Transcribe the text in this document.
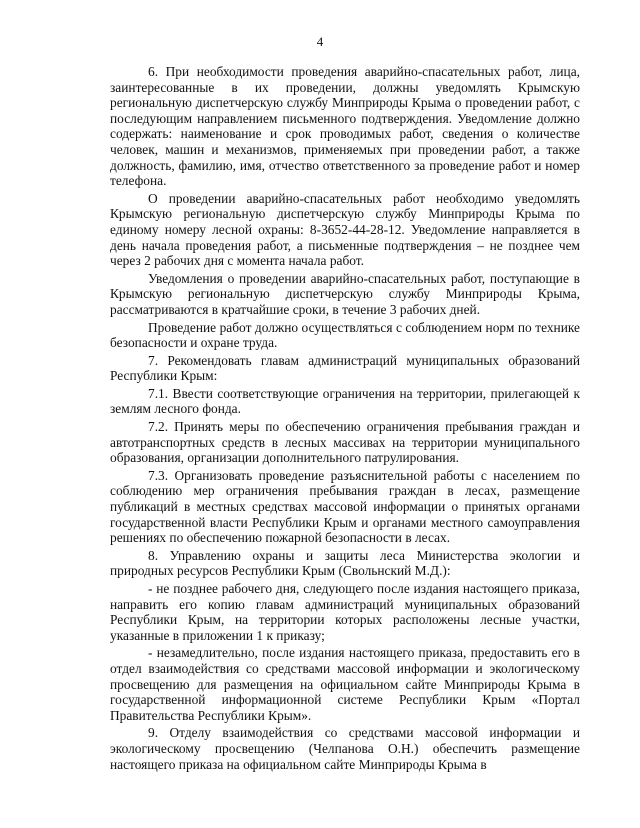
4

6. При необходимости проведения аварийно-спасательных работ, лица, заинтересованные в их проведении, должны уведомлять Крымскую региональную диспетчерскую службу Минприроды Крыма о проведении работ, с последующим направлением письменного подтверждения. Уведомление должно содержать: наименование и срок проводимых работ, сведения о количестве человек, машин и механизмов, применяемых при проведении работ, а также должность, фамилию, имя, отчество ответственного за проведение работ и номер телефона.

О проведении аварийно-спасательных работ необходимо уведомлять Крымскую региональную диспетчерскую службу Минприроды Крыма по единому номеру лесной охраны: 8-3652-44-28-12. Уведомление направляется в день начала проведения работ, а письменные подтверждения – не позднее чем через 2 рабочих дня с момента начала работ.

Уведомления о проведении аварийно-спасательных работ, поступающие в Крымскую региональную диспетчерскую службу Минприроды Крыма, рассматриваются в кратчайшие сроки, в течение 3 рабочих дней.

Проведение работ должно осуществляться с соблюдением норм по технике безопасности и охране труда.

7. Рекомендовать главам администраций муниципальных образований Республики Крым:

7.1. Ввести соответствующие ограничения на территории, прилегающей к землям лесного фонда.

7.2. Принять меры по обеспечению ограничения пребывания граждан и автотранспортных средств в лесных массивах на территории муниципального образования, организации дополнительного патрулирования.

7.3. Организовать проведение разъяснительной работы с населением по соблюдению мер ограничения пребывания граждан в лесах, размещение публикаций в местных средствах массовой информации о принятых органами государственной власти Республики Крым и органами местного самоуправления решениях по обеспечению пожарной безопасности в лесах.

8. Управлению охраны и защиты леса Министерства экологии и природных ресурсов Республики Крым (Свольнский М.Д.):

- не позднее рабочего дня, следующего после издания настоящего приказа, направить его копию главам администраций муниципальных образований Республики Крым, на территории которых расположены лесные участки, указанные в приложении 1 к приказу;

- незамедлительно, после издания настоящего приказа, предоставить его в отдел взаимодействия со средствами массовой информации и экологическому просвещению для размещения на официальном сайте Минприроды Крыма в государственной информационной системе Республики Крым «Портал Правительства Республики Крым».

9. Отделу взаимодействия со средствами массовой информации и экологическому просвещению (Челпанова О.Н.) обеспечить размещение настоящего приказа на официальном сайте Минприроды Крыма в
